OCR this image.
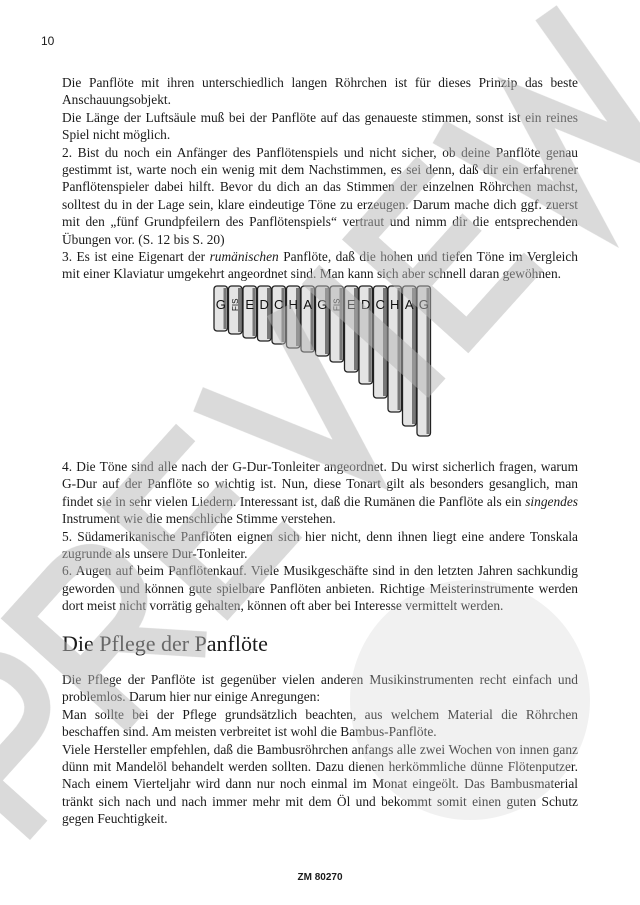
10

Die Panflöte mit ihren unterschiedlich langen Röhrchen ist für dieses Prinzip das beste Anschauungsobjekt.

Die Länge der Luftsäule muß bei der Panflöte auf das genaueste stimmen, sonst ist ein reines Spiel nicht möglich.

2. Bist du noch ein Anfänger des Panflötenspiels und nicht sicher, ob deine Panflöte genau gestimmt ist, warte noch ein wenig mit dem Nachstimmen, es sei denn, daß dir ein erfahrener Panflötenspieler dabei hilft. Bevor du dich an das Stimmen der einzelnen Röhrchen machst, solltest du in der Lage sein, klare eindeutige Töne zu erzeugen. Darum mache dich ggf. zuerst mit den „fünf Grundpfeilern des Panflötenspiels“ vertraut und nimm dir die entsprechenden Übungen vor. (S. 12 bis S. 20)

3. Es ist eine Eigenart der rumänischen Panflöte, daß die hohen und tiefen Töne im Vergleich mit einer Klaviatur umgekehrt angeordnet sind. Man kann sich aber schnell daran gewöhnen.

G FIS E D C H A G FIS E D C H A G

4. Die Töne sind alle nach der G-Dur-Tonleiter angeordnet. Du wirst sicherlich fragen, warum G-Dur auf der Panflöte so wichtig ist. Nun, diese Tonart gilt als besonders gesanglich, man findet sie in sehr vielen Liedern. Interessant ist, daß die Rumänen die Panflöte als ein singendes Instrument wie die menschliche Stimme verstehen.

5. Südamerikanische Panflöten eignen sich hier nicht, denn ihnen liegt eine andere Tonskala zugrunde als unsere Dur-Tonleiter.

6. Augen auf beim Panflötenkauf. Viele Musikgeschäfte sind in den letzten Jahren sachkundig geworden und können gute spielbare Panflöten anbieten. Richtige Meisterinstrumente werden dort meist nicht vorrätig gehalten, können oft aber bei Interesse vermittelt werden.

Die Pflege der Panflöte

Die Pflege der Panflöte ist gegenüber vielen anderen Musikinstrumenten recht einfach und problemlos. Darum hier nur einige Anregungen:

Man sollte bei der Pflege grundsätzlich beachten, aus welchem Material die Röhrchen beschaffen sind. Am meisten verbreitet ist wohl die Bambus-Panflöte.

Viele Hersteller empfehlen, daß die Bambusröhrchen anfangs alle zwei Wochen von innen ganz dünn mit Mandelöl behandelt werden sollten. Dazu dienen herkömmliche dünne Flötenputzer. Nach einem Vierteljahr wird dann nur noch einmal im Monat eingeölt. Das Bambusmaterial tränkt sich nach und nach immer mehr mit dem Öl und bekommt somit einen guten Schutz gegen Feuchtigkeit.

ZM 80270
